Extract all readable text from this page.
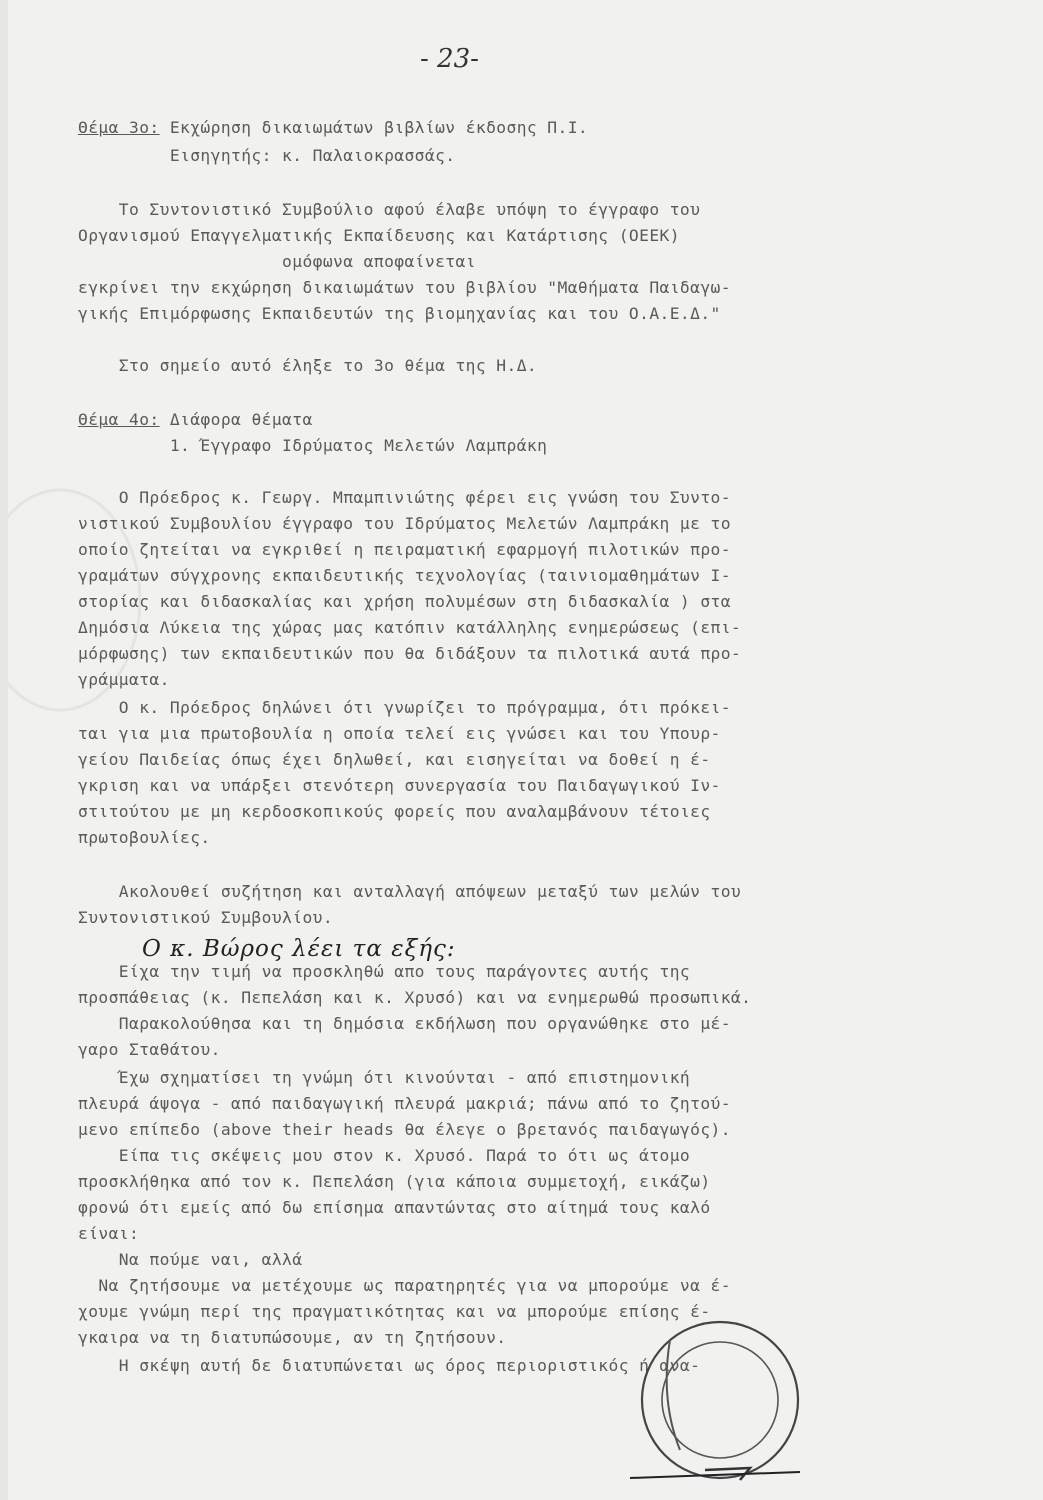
- 23-
Θέμα 3ο: Εκχώρηση δικαιωμάτων βιβλίων έκδοσης Π.Ι.
Εισηγητής: κ. Παλαιοκρασσάς.
Το Συντονιστικό Συμβούλιο αφού έλαβε υπόψη το έγγραφο του
Οργανισμού Επαγγελματικής Εκπαίδευσης και Κατάρτισης (ΟΕΕΚ)
ομόφωνα αποφαίνεται
εγκρίνει την εκχώρηση δικαιωμάτων του βιβλίου "Μαθήματα Παιδαγω-
γικής Επιμόρφωσης Εκπαιδευτών της βιομηχανίας και του Ο.Α.Ε.Δ."
Στο σημείο αυτό έληξε το 3ο θέμα της Η.Δ.
Θέμα 4ο: Διάφορα θέματα
1. Έγγραφο Ιδρύματος Μελετών Λαμπράκη
Ο Πρόεδρος κ. Γεωργ. Μπαμπινιώτης φέρει εις γνώση του Συντο-
νιστικού Συμβουλίου έγγραφο του Ιδρύματος Μελετών Λαμπράκη με το
οποίο ζητείται να εγκριθεί η πειραματική εφαρμογή πιλοτικών προ-
γραμάτων σύγχρονης εκπαιδευτικής τεχνολογίας (ταινιομαθημάτων Ι-
στορίας και διδασκαλίας και χρήση πολυμέσων στη διδασκαλία ) στα
Δημόσια Λύκεια της χώρας μας κατόπιν κατάλληλης ενημερώσεως (επι-
μόρφωσης) των εκπαιδευτικών που θα διδάξουν τα πιλοτικά αυτά προ-
γράμματα.
Ο κ. Πρόεδρος δηλώνει ότι γνωρίζει το πρόγραμμα, ότι πρόκει-
ται για μια πρωτοβουλία η οποία τελεί εις γνώσει και του Υπουρ-
γείου Παιδείας όπως έχει δηλωθεί, και εισηγείται να δοθεί η έ-
γκριση και να υπάρξει στενότερη συνεργασία του Παιδαγωγικού Ιν-
στιτούτου με μη κερδοσκοπικούς φορείς που αναλαμβάνουν τέτοιες
πρωτοβουλίες.
Ακολουθεί συζήτηση και ανταλλαγή απόψεων μεταξύ των μελών του
Συντονιστικού Συμβουλίου.
Ο κ. Βώρος λέει τα εξής:
Είχα την τιμή να προσκληθώ απο τους παράγοντες αυτής της
προσπάθειας (κ. Πεπελάση και κ. Χρυσό) και να ενημερωθώ προσωπικά.
Παρακολούθησα και τη δημόσια εκδήλωση που οργανώθηκε στο μέ-
γαρο Σταθάτου.
Έχω σχηματίσει τη γνώμη ότι κινούνται - από επιστημονική
πλευρά άψογα - από παιδαγωγική πλευρά μακριά; πάνω από το ζητού-
μενο επίπεδο (above their heads θα έλεγε ο βρετανός παιδαγωγός).
Είπα τις σκέψεις μου στον κ. Χρυσό. Παρά το ότι ως άτομο
προσκλήθηκα από τον κ. Πεπελάση (για κάποια συμμετοχή, εικάζω)
φρονώ ότι εμείς από δω επίσημα απαντώντας στο αίτημά τους καλό
είναι:
Να πούμε ναι, αλλά
Να ζητήσουμε να μετέχουμε ως παρατηρητές για να μπορούμε να έ-
χουμε γνώμη περί της πραγματικότητας και να μπορούμε επίσης έ-
γκαιρα να τη διατυπώσουμε, αν τη ζητήσουν.
Η σκέψη αυτή δε διατυπώνεται ως όρος περιοριστικός ή ανα-
